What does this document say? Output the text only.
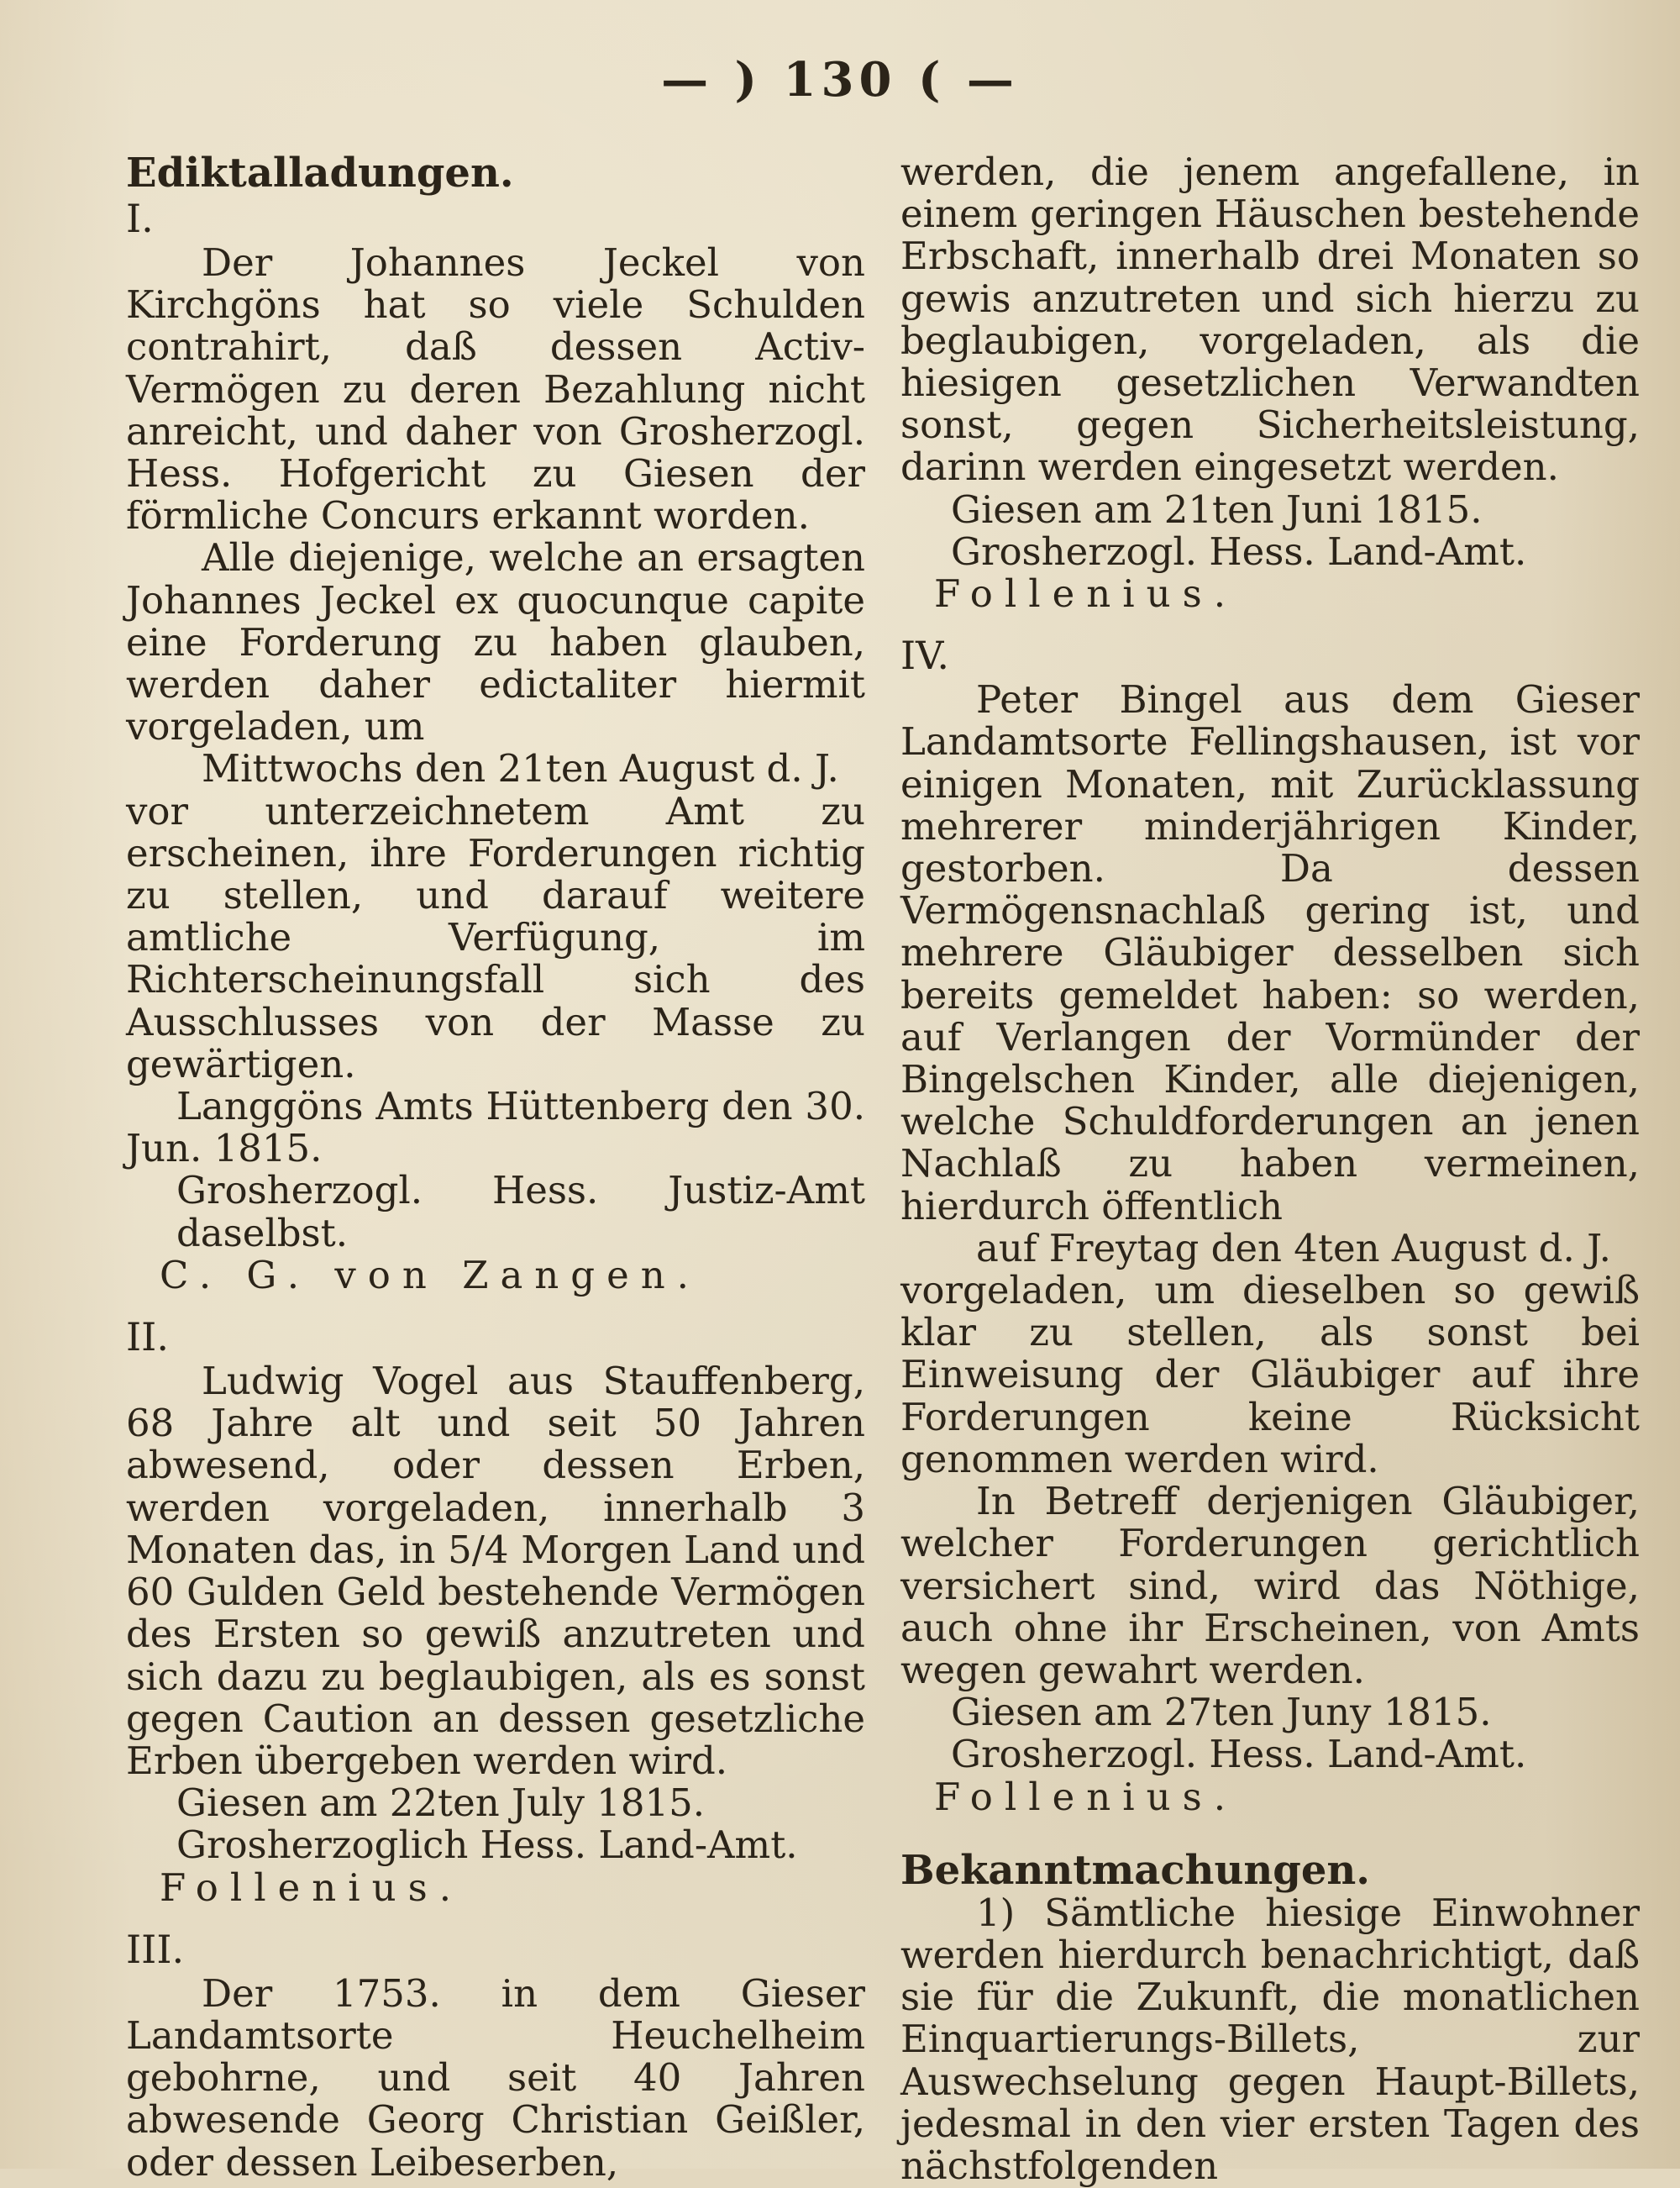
— ) 130 ( —

Ediktalladungen.

I.

Der Johannes Jeckel von Kirchgöns hat so viele Schulden contrahirt, daß dessen Activ-Vermögen zu deren Bezahlung nicht anreicht, und daher von Grosherzogl. Hess. Hofgericht zu Giesen der förmliche Concurs erkannt worden.

Alle diejenige, welche an ersagten Johannes Jeckel ex quocunque capite eine Forderung zu haben glauben, werden daher edictaliter hiermit vorgeladen, um

Mittwochs den 21ten August d. J.

vor unterzeichnetem Amt zu erscheinen, ihre Forderungen richtig zu stellen, und darauf weitere amtliche Verfügung, im Richterscheinungsfall sich des Ausschlusses von der Masse zu gewärtigen.

Langgöns Amts Hüttenberg den 30. Jun. 1815.

Grosherzogl. Hess. Justiz-Amt daselbst.

C. G. von Zangen.

II.

Ludwig Vogel aus Stauffenberg, 68 Jahre alt und seit 50 Jahren abwesend, oder dessen Erben, werden vorgeladen, innerhalb 3 Monaten das, in 5/4 Morgen Land und 60 Gulden Geld bestehende Vermögen des Ersten so gewiß anzutreten und sich dazu zu beglaubigen, als es sonst gegen Caution an dessen gesetzliche Erben übergeben werden wird.

Giesen am 22ten July 1815.

Grosherzoglich Hess. Land-Amt.

Follenius.

III.

Der 1753. in dem Gieser Landamtsorte Heuchelheim gebohrne, und seit 40 Jahren abwesende Georg Christian Geißler, oder dessen Leibeserben,

werden, die jenem angefallene, in einem geringen Häuschen bestehende Erbschaft, innerhalb drei Monaten so gewis anzutreten und sich hierzu zu beglaubigen, vorgeladen, als die hiesigen gesetzlichen Verwandten sonst, gegen Sicherheitsleistung, darinn werden eingesetzt werden.

Giesen am 21ten Juni 1815.

Grosherzogl. Hess. Land-Amt.

Follenius.

IV.

Peter Bingel aus dem Gieser Landamtsorte Fellingshausen, ist vor einigen Monaten, mit Zurücklassung mehrerer minderjährigen Kinder, gestorben. Da dessen Vermögensnachlaß gering ist, und mehrere Gläubiger desselben sich bereits gemeldet haben: so werden, auf Verlangen der Vormünder der Bingelschen Kinder, alle diejenigen, welche Schuldforderungen an jenen Nachlaß zu haben vermeinen, hierdurch öffentlich

auf Freytag den 4ten August d. J.

vorgeladen, um dieselben so gewiß klar zu stellen, als sonst bei Einweisung der Gläubiger auf ihre Forderungen keine Rücksicht genommen werden wird.

In Betreff derjenigen Gläubiger, welcher Forderungen gerichtlich versichert sind, wird das Nöthige, auch ohne ihr Erscheinen, von Amts wegen gewahrt werden.

Giesen am 27ten Juny 1815.

Grosherzogl. Hess. Land-Amt.

Follenius.

Bekanntmachungen.

1) Sämtliche hiesige Einwohner werden hierdurch benachrichtigt, daß sie für die Zukunft, die monatlichen Einquartierungs-Billets, zur Auswechselung gegen Haupt-Billets, jedesmal in den vier ersten Tagen des nächstfolgenden
